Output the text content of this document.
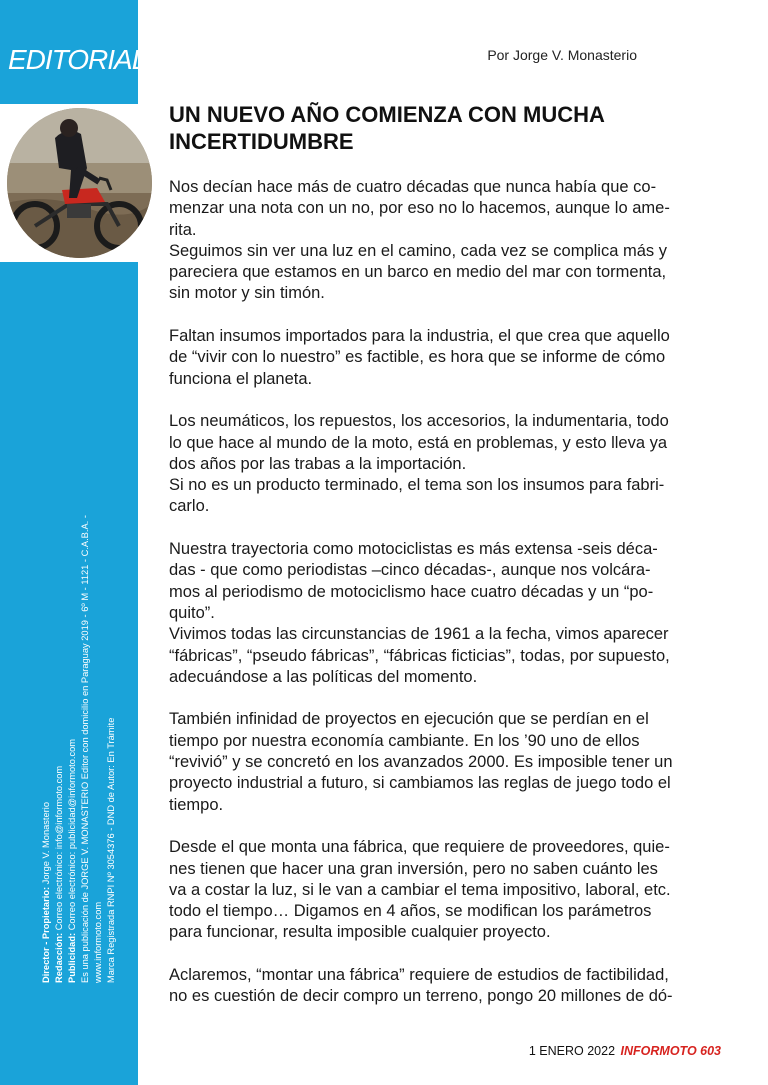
EDITORIAL
Director - Propietario: Jorge V. Monasterio
Redacción: Correo electrónico: info@informoto.com
Publicidad: Correo electrónico: publicidad@informoto.com Es una publicación de JORGE V. MONASTERIO Editor con domicilio en Paraguay 2019 - 6º M - 1121 - C.A.B.A. - www.informoto.com Marca Registrada RNPI Nº 3054376 - DND de Autor: En Trámite
Por Jorge V. Monasterio
UN NUEVO AÑO COMIENZA CON MUCHA
INCERTIDUMBRE
Nos decían hace más de cuatro décadas que nunca había que co-
menzar una nota con un no, por eso no lo hacemos, aunque lo ame-
rita.
Seguimos sin ver una luz en el camino, cada vez se complica más y
pareciera que estamos en un barco en medio del mar con tormenta,
sin motor y sin timón.
Faltan insumos importados para la industria, el que crea que aquello
de “vivir con lo nuestro” es factible, es hora que se informe de cómo
funciona el planeta.
Los neumáticos, los repuestos, los accesorios, la indumentaria, todo
lo que hace al mundo de la moto, está en problemas, y esto lleva ya
dos años por las trabas a la importación.
Si no es un producto terminado, el tema son los insumos para fabri-
carlo.
Nuestra trayectoria como motociclistas es más extensa -seis déca-
das - que como periodistas –cinco décadas-, aunque nos volcára-
mos al periodismo de motociclismo hace cuatro décadas y un “po-
quito”.
Vivimos todas las circunstancias de 1961 a la fecha, vimos aparecer
“fábricas”, “pseudo fábricas”, “fábricas ficticias”, todas, por supuesto,
adecuándose a las políticas del momento.
También infinidad de proyectos en ejecución que se perdían en el
tiempo por nuestra economía cambiante. En los ’90 uno de ellos
“revivió” y se concretó en los avanzados 2000. Es imposible tener un
proyecto industrial a futuro, si cambiamos las reglas de juego todo el
tiempo.
Desde el que monta una fábrica, que requiere de proveedores, quie-
nes tienen que hacer una gran inversión, pero no saben cuánto les
va a costar la luz, si le van a cambiar el tema impositivo, laboral, etc.
todo el tiempo… Digamos en 4 años, se modifican los parámetros
para funcionar, resulta imposible cualquier proyecto.
Aclaremos, “montar una fábrica” requiere de estudios de factibilidad,
no es cuestión de decir compro un terreno, pongo 20 millones de dó-
1 ENERO 2022 INFORMOTO 603
